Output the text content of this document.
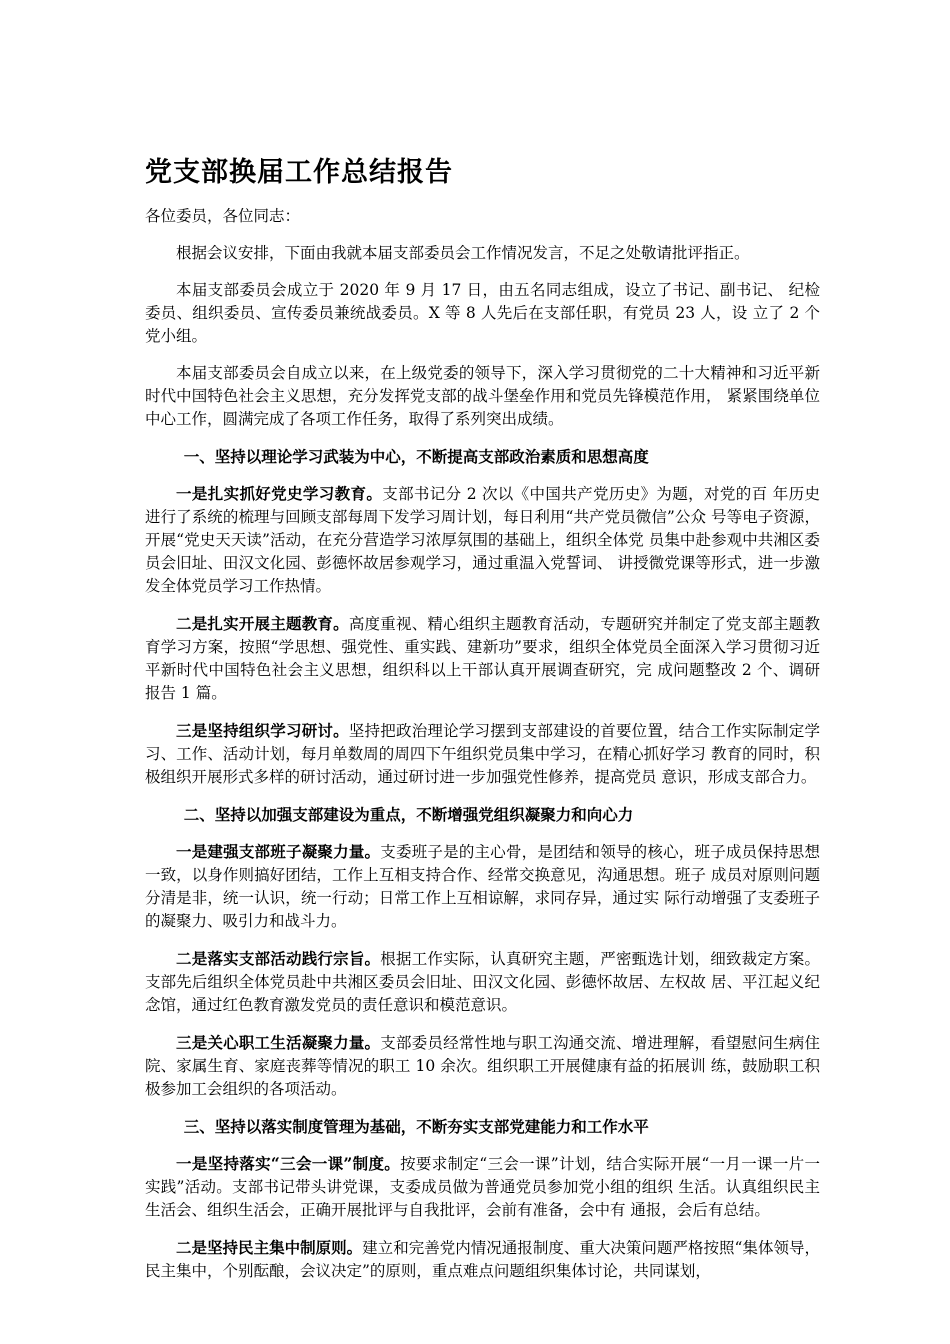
党支部换届工作总结报告

各位委员，各位同志：

根据会议安排，下面由我就本届支部委员会工作情况发言，不足之处敬请批评指正。

本届支部委员会成立于 2020 年 9 月 17 日，由五名同志组成，设立了书记、副书记、 纪检委员、组织委员、宣传委员兼统战委员。X 等 8 人先后在支部任职，有党员 23 人，设 立了 2 个党小组。

本届支部委员会自成立以来，在上级党委的领导下，深入学习贯彻党的二十大精神和习近平新时代中国特色社会主义思想，充分发挥党支部的战斗堡垒作用和党员先锋模范作用， 紧紧围绕单位中心工作，圆满完成了各项工作任务，取得了系列突出成绩。

一、坚持以理论学习武装为中心，不断提高支部政治素质和思想高度

一是扎实抓好党史学习教育。支部书记分 2 次以《中国共产党历史》为题，对党的百 年历史进行了系统的梳理与回顾支部每周下发学习周计划，每日利用“共产党员微信”公众 号等电子资源，开展“党史天天读”活动，在充分营造学习浓厚氛围的基础上，组织全体党 员集中赴参观中共湘区委员会旧址、田汉文化园、彭德怀故居参观学习，通过重温入党誓词、 讲授微党课等形式，进一步激发全体党员学习工作热情。

二是扎实开展主题教育。高度重视、精心组织主题教育活动，专题研究并制定了党支部主题教育学习方案，按照“学思想、强党性、重实践、建新功”要求，组织全体党员全面深入学习贯彻习近平新时代中国特色社会主义思想，组织科以上干部认真开展调查研究，完 成问题整改 2 个、调研报告 1 篇。

三是坚持组织学习研讨。坚持把政治理论学习摆到支部建设的首要位置，结合工作实际制定学习、工作、活动计划，每月单数周的周四下午组织党员集中学习，在精心抓好学习 教育的同时，积极组织开展形式多样的研讨活动，通过研讨进一步加强党性修养，提高党员 意识，形成支部合力。

二、坚持以加强支部建设为重点，不断增强党组织凝聚力和向心力

一是建强支部班子凝聚力量。支委班子是的主心骨，是团结和领导的核心，班子成员保持思想一致，以身作则搞好团结，工作上互相支持合作、经常交换意见，沟通思想。班子 成员对原则问题分清是非，统一认识，统一行动；日常工作上互相谅解，求同存异，通过实 际行动增强了支委班子的凝聚力、吸引力和战斗力。

二是落实支部活动践行宗旨。根据工作实际，认真研究主题，严密甄选计划，细致裁定方案。支部先后组织全体党员赴中共湘区委员会旧址、田汉文化园、彭德怀故居、左权故 居、平江起义纪念馆，通过红色教育激发党员的责任意识和模范意识。

三是关心职工生活凝聚力量。支部委员经常性地与职工沟通交流、增进理解，看望慰问生病住院、家属生育、家庭丧葬等情况的职工 10 余次。组织职工开展健康有益的拓展训 练，鼓励职工积极参加工会组织的各项活动。

三、坚持以落实制度管理为基础，不断夯实支部党建能力和工作水平

一是坚持落实“三会一课”制度。按要求制定“三会一课”计划，结合实际开展“一月一课一片一实践”活动。支部书记带头讲党课，支委成员做为普通党员参加党小组的组织 生活。认真组织民主生活会、组织生活会，正确开展批评与自我批评，会前有准备，会中有 通报，会后有总结。

二是坚持民主集中制原则。建立和完善党内情况通报制度、重大决策问题严格按照“集体领导，民主集中，个别酝酿，会议决定”的原则，重点难点问题组织集体讨论，共同谋划，
